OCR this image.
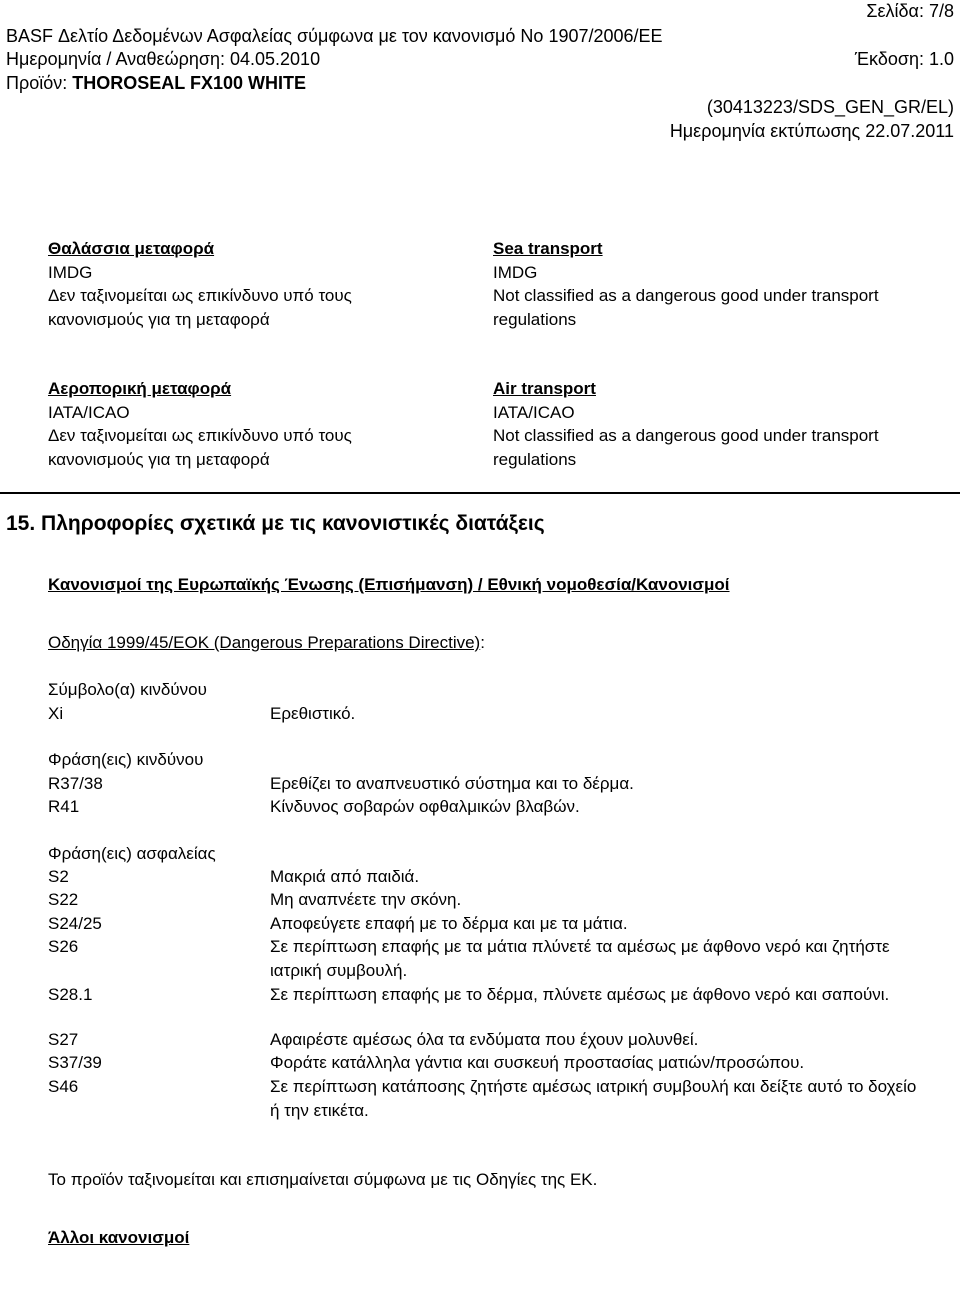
Σελίδα: 7/8
BASF Δελτίο Δεδομένων Ασφαλείας σύμφωνα με τον κανονισμό Νο 1907/2006/ΕΕ
Ημερομηνία / Αναθεώρηση: 04.05.2010	Έκδοση: 1.0
Προϊόν: THOROSEAL FX100 WHITE
(30413223/SDS_GEN_GR/EL)
Ημερομηνία εκτύπωσης 22.07.2011
Θαλάσσια μεταφορά
IMDG
Δεν ταξινομείται ως επικίνδυνο υπό τους κανονισμούς για τη μεταφορά
Sea transport
IMDG
Not classified as a dangerous good under transport regulations
Αεροπορική μεταφορά
IATA/ICAO
Δεν ταξινομείται ως επικίνδυνο υπό τους κανονισμούς για τη μεταφορά
Air transport
IATA/ICAO
Not classified as a dangerous good under transport regulations
15. Πληροφορίες σχετικά με τις κανονιστικές διατάξεις
Κανονισμοί της Ευρωπαϊκής Ένωσης (Επισήμανση) / Εθνική νομοθεσία/Κανονισμοί
Οδηγία 1999/45/ΕΟΚ (Dangerous Preparations Directive):
Σύμβολο(α) κινδύνου
Xi	Ερεθιστικό.
Φράση(εις) κινδύνου
R37/38	Ερεθίζει το αναπνευστικό σύστημα και το δέρμα.
R41	Κίνδυνος σοβαρών οφθαλμικών βλαβών.
Φράση(εις) ασφαλείας
S2	Μακριά από παιδιά.
S22	Μη αναπνέετε την σκόνη.
S24/25	Αποφεύγετε επαφή με το δέρμα και με τα μάτια.
S26	Σε περίπτωση επαφής με τα μάτια πλύνετέ τα αμέσως με άφθονο νερό και ζητήστε ιατρική συμβουλή.
S28.1	Σε περίπτωση επαφής με το δέρμα, πλύνετε αμέσως με άφθονο νερό και σαπούνι.
S27	Αφαιρέστε αμέσως όλα τα ενδύματα που έχουν μολυνθεί.
S37/39	Φοράτε κατάλληλα γάντια και συσκευή προστασίας ματιών/προσώπου.
S46	Σε περίπτωση κατάποσης ζητήστε αμέσως ιατρική συμβουλή και δείξτε αυτό το δοχείο ή την ετικέτα.
Το προϊόν ταξινομείται και επισημαίνεται σύμφωνα με τις Οδηγίες της ΕΚ.
Άλλοι κανονισμοί
